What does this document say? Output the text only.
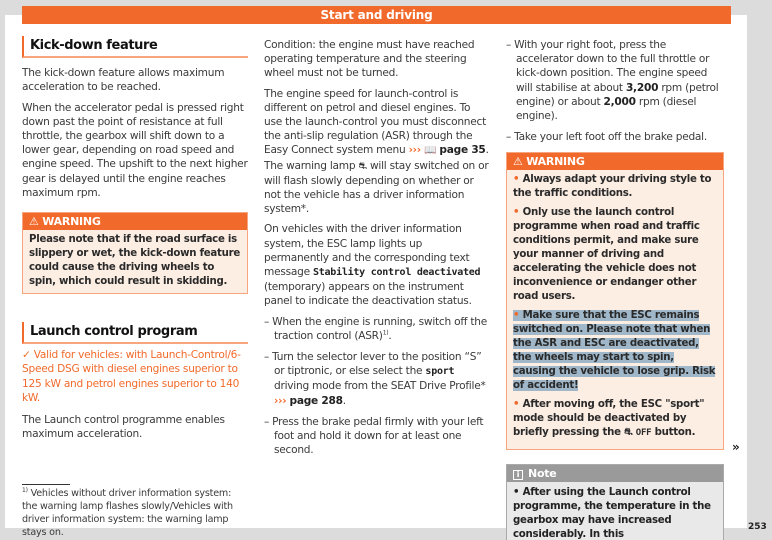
Start and driving
Kick-down feature

The kick-down feature allows maximum acceleration to be reached.

When the accelerator pedal is pressed right down past the point of resistance at full throttle, the gearbox will shift down to a lower gear, depending on road speed and engine speed. The upshift to the next higher gear is delayed until the engine reaches maximum rpm.

⚠ WARNING
Please note that if the road surface is slippery or wet, the kick-down feature could cause the driving wheels to spin, which could result in skidding.
Launch control program

✓ Valid for vehicles: with Launch-Control/6-Speed DSG with diesel engines superior to 125 kW and petrol engines superior to 140 kW.

The Launch control programme enables maximum acceleration.

Condition: the engine must have reached operating temperature and the steering wheel must not be turned.

The engine speed for launch-control is different on petrol and diesel engines. To use the launch-control you must disconnect the anti-slip regulation (ASR) through the Easy Connect system menu ››› 📖 page 35. The warning lamp ⛐ will stay switched on or will flash slowly depending on whether or not the vehicle has a driver information system*.

On vehicles with the driver information system, the ESC lamp lights up permanently and the corresponding text message Stability control deactivated (temporary) appears on the instrument panel to indicate the deactivation status.

– When the engine is running, switch off the traction control (ASR)$^{1)}$.

– Turn the selector lever to the position “S” or tiptronic, or else select the sport driving mode from the SEAT Drive Profile*
››› page 288.

– Press the brake pedal firmly with your left foot and hold it down for at least one second.

– With your right foot, press the accelerator down to the full throttle or kick-down position. The engine speed will stabilise at about 3,200 rpm (petrol engine) or about 2,000 rpm (diesel engine).

– Take your left foot off the brake pedal.

⚠ WARNING
• Always adapt your driving style to the traffic conditions.
• Only use the launch control programme when road and traffic conditions permit, and make sure your manner of driving and accelerating the vehicle does not inconvenience or endanger other road users.
• Make sure that the ESC remains switched on. Please note that when the ASR and ESC are deactivated, the wheels may start to spin, causing the vehicle to lose grip. Risk of accident!
• After moving off, the ESC "sport" mode should be deactivated by briefly pressing the ⛐ OFF button.
i Note
• After using the Launch control programme, the temperature in the gearbox may have increased considerably. In this
»
$^{1)}$ Vehicles without driver information system: the warning lamp flashes slowly/Vehicles with driver information system: the warning lamp stays on.	253
